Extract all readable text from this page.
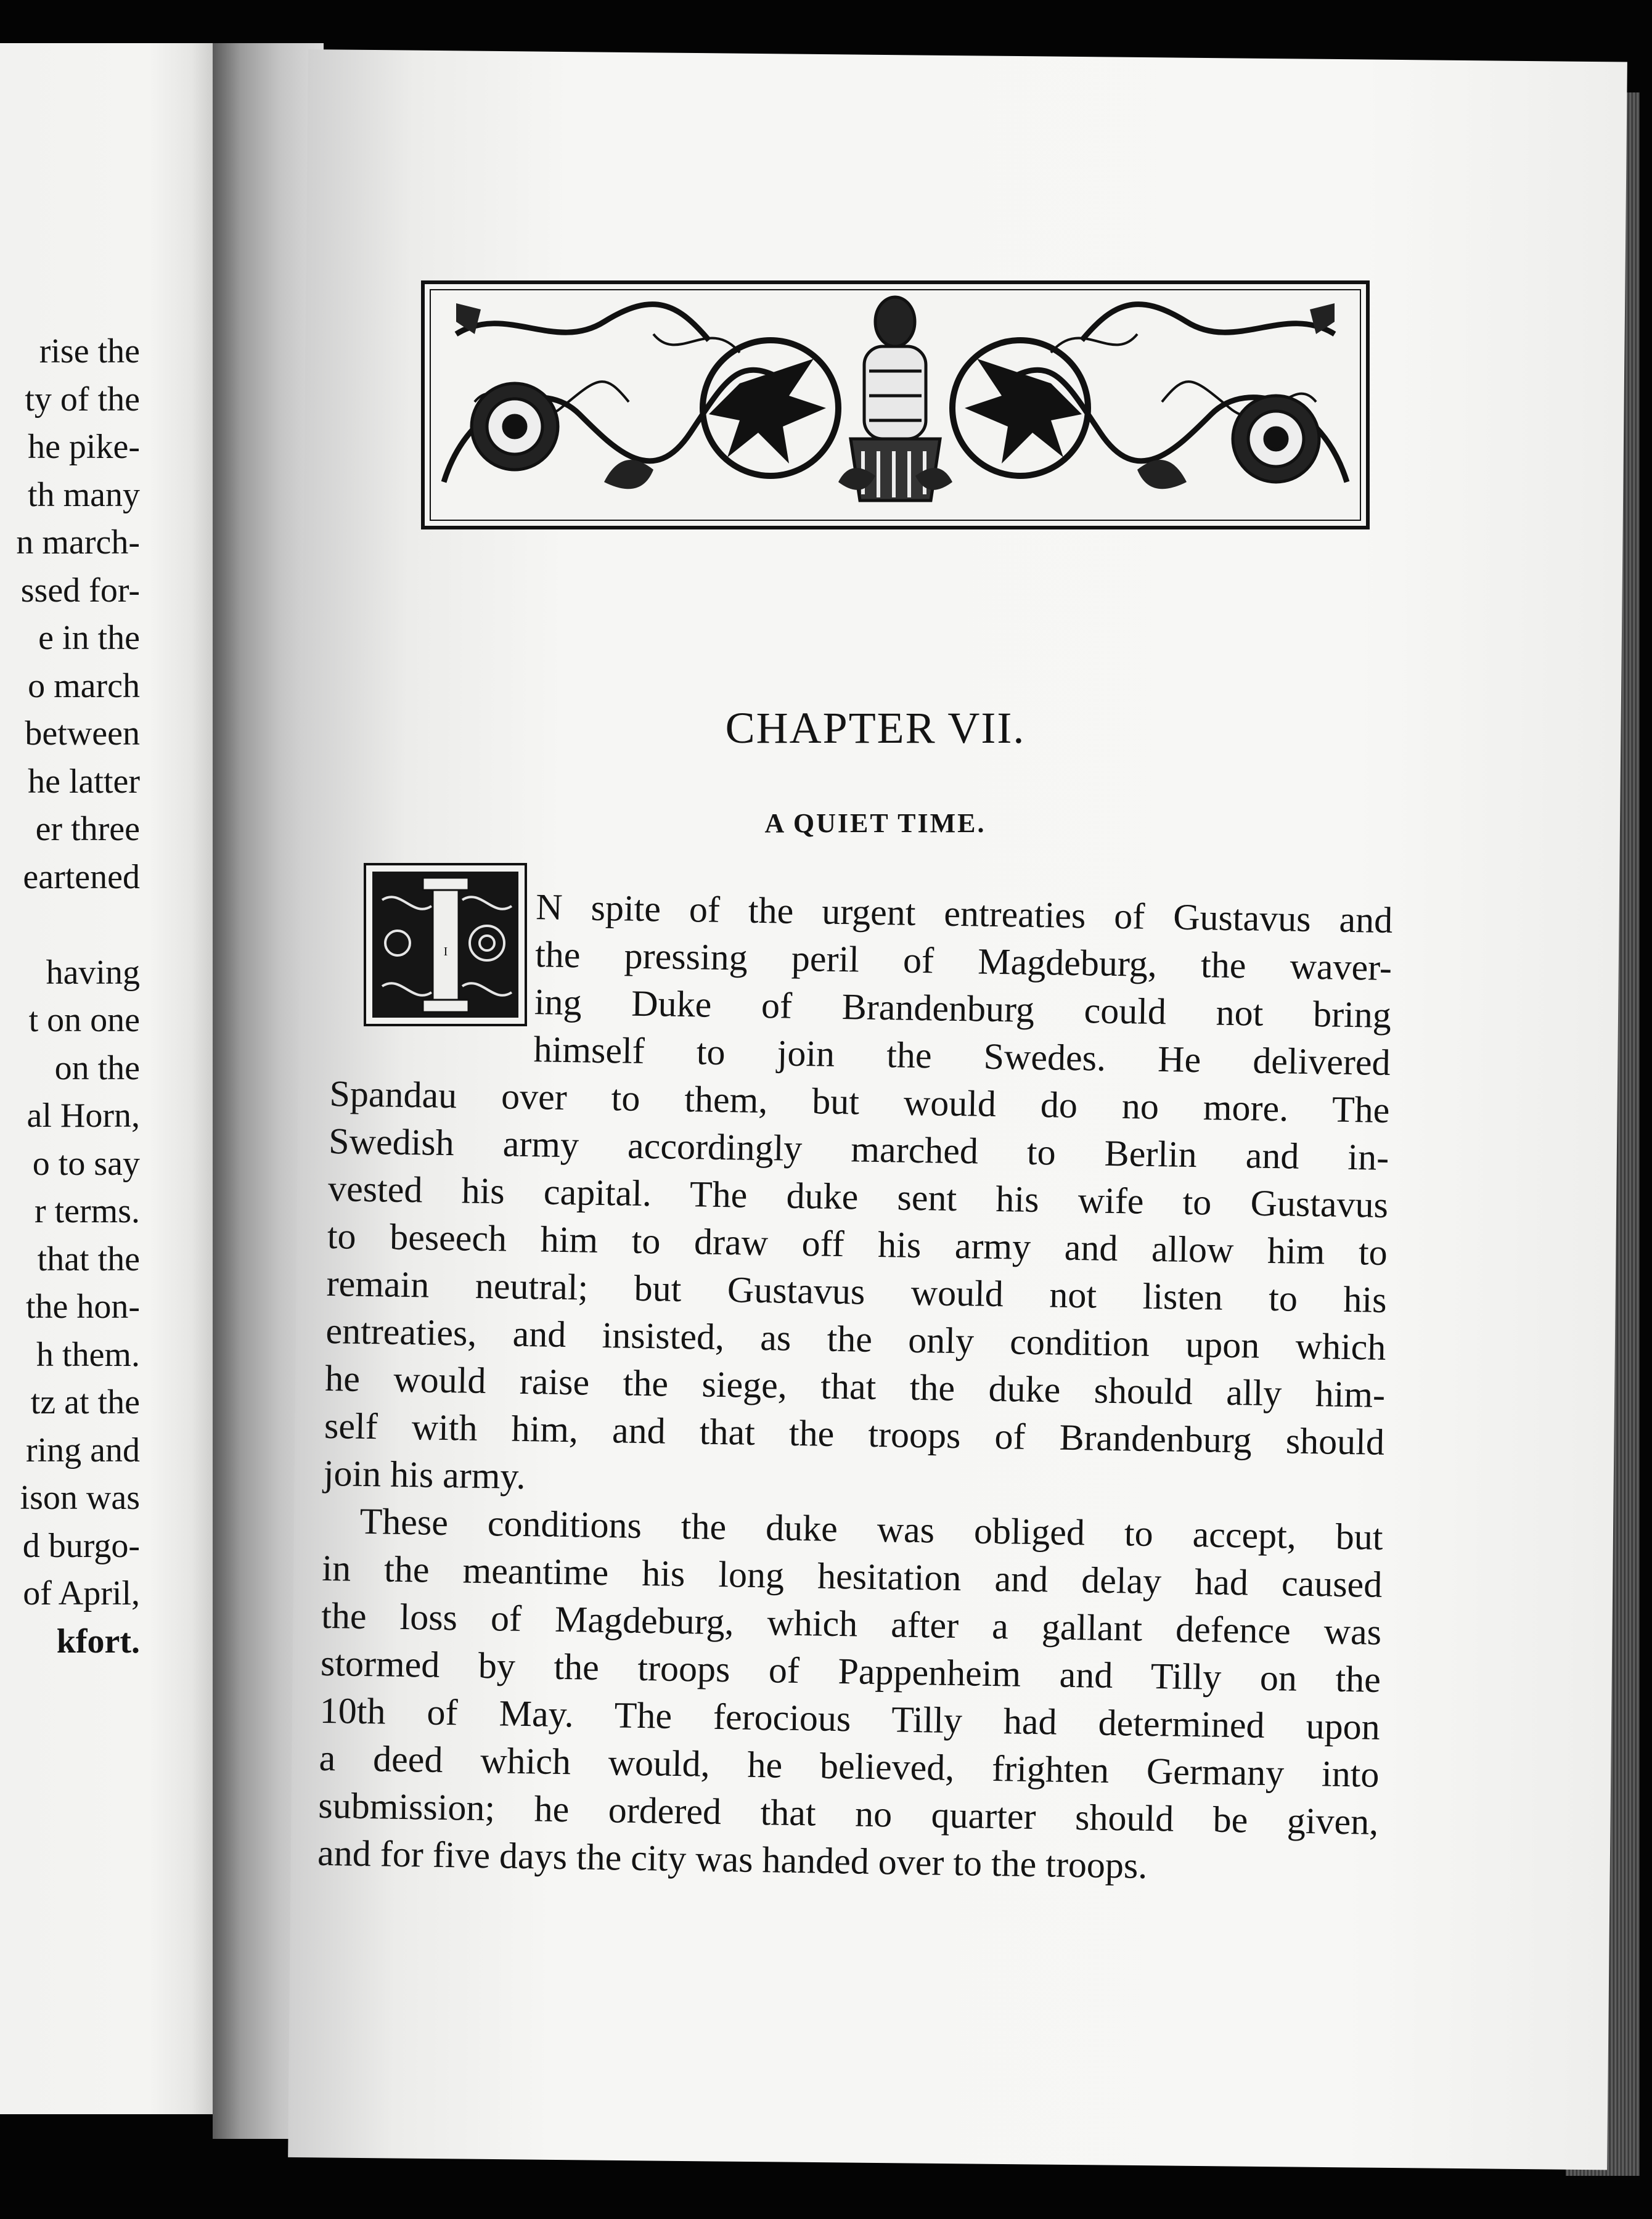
rise the
ty of the
he pike-
th many
n march-
ssed for-
e in the
o march
between
he latter
er three
eartened
having
t on one
on the
al Horn,
o to say
r terms.
that the
the hon-
h them.
tz at the
ring and
ison was
d burgo-
of April,
kfort.
CHAPTER VII.
A QUIET TIME.
I
N spite of the urgent entreaties of Gustavus and
the pressing peril of Magdeburg, the waver-
ing Duke of Brandenburg could not bring
himself to join the Swedes. He delivered
Spandau over to them, but would do no more. The
Swedish army accordingly marched to Berlin and in-
vested his capital. The duke sent his wife to Gustavus
to beseech him to draw off his army and allow him to
remain neutral; but Gustavus would not listen to his
entreaties, and insisted, as the only condition upon which
he would raise the siege, that the duke should ally him-
self with him, and that the troops of Brandenburg should
join his army.
These conditions the duke was obliged to accept, but
in the meantime his long hesitation and delay had caused
the loss of Magdeburg, which after a gallant defence was
stormed by the troops of Pappenheim and Tilly on the
10th of May. The ferocious Tilly had determined upon
a deed which would, he believed, frighten Germany into
submission; he ordered that no quarter should be given,
and for five days the city was handed over to the troops.
